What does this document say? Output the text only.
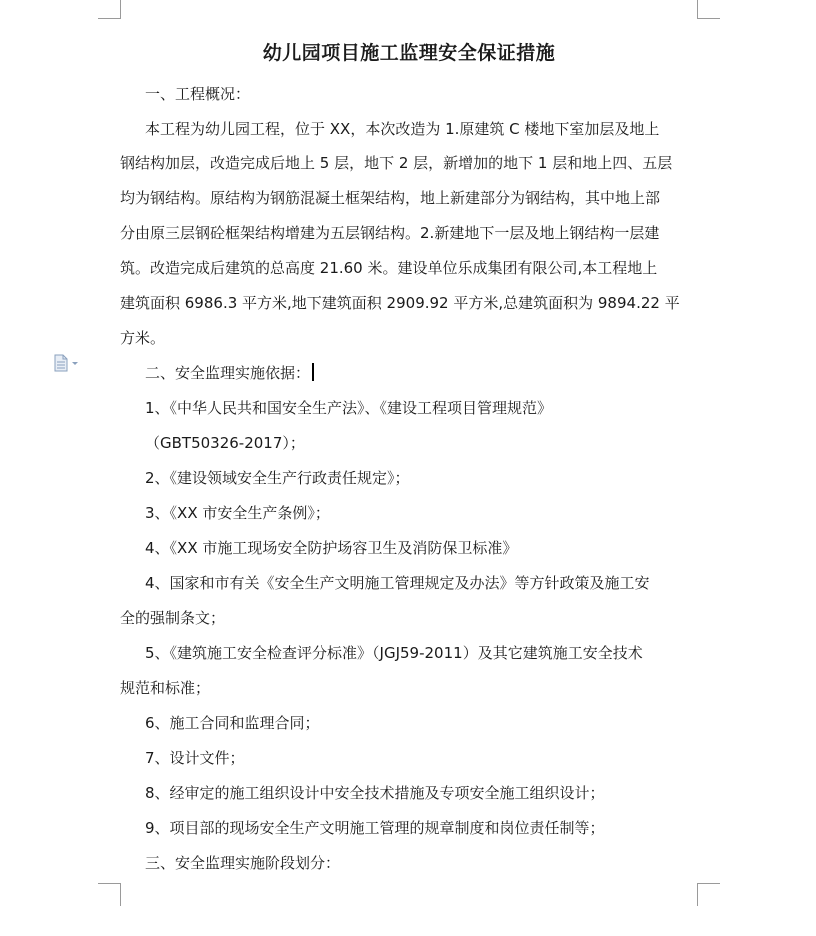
幼儿园项目施工监理安全保证措施
一、工程概况：
本工程为幼儿园工程，位于 XX，本次改造为 1.原建筑 C 楼地下室加层及地上
钢结构加层，改造完成后地上 5 层，地下 2 层，新增加的地下 1 层和地上四、五层
均为钢结构。原结构为钢筋混凝土框架结构，地上新建部分为钢结构，其中地上部
分由原三层钢砼框架结构增建为五层钢结构。2.新建地下一层及地上钢结构一层建
筑。改造完成后建筑的总高度 21.60 米。建设单位乐成集团有限公司,本工程地上
建筑面积 6986.3 平方米,地下建筑面积 2909.92 平方米,总建筑面积为 9894.22 平
方米。
二、安全监理实施依据：
1、《中华人民共和国安全生产法》、《建设工程项目管理规范》
（GBT50326-2017）；
2、《建设领域安全生产行政责任规定》；
3、《XX 市安全生产条例》；
4、《XX 市施工现场安全防护场容卫生及消防保卫标准》
4、国家和市有关《安全生产文明施工管理规定及办法》等方针政策及施工安
全的强制条文；
5、《建筑施工安全检查评分标准》（JGJ59-2011）及其它建筑施工安全技术
规范和标准；
6、施工合同和监理合同；
7、设计文件；
8、经审定的施工组织设计中安全技术措施及专项安全施工组织设计；
9、项目部的现场安全生产文明施工管理的规章制度和岗位责任制等；
三、安全监理实施阶段划分：
